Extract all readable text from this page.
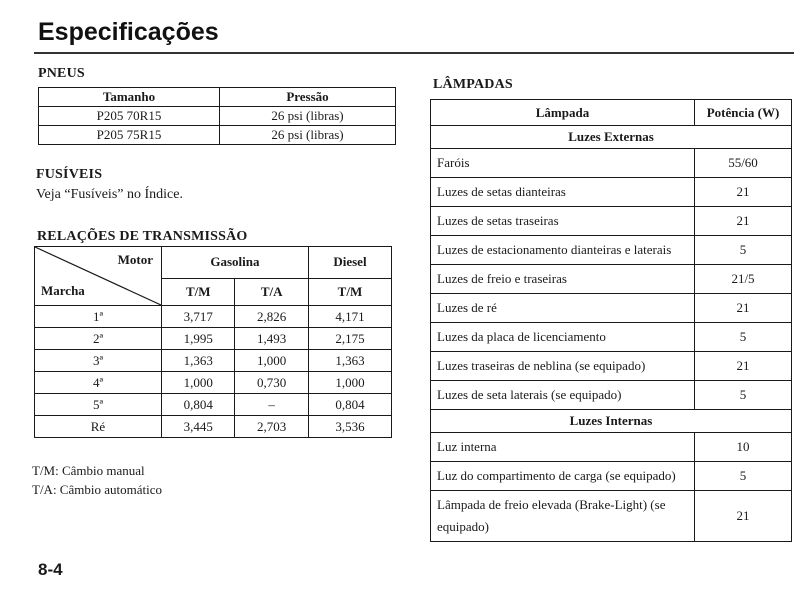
Especificações
PNEUS
Tamanho	Pressão
P205 70R15	26 psi (libras)
P205 75R15	26 psi (libras)
FUSÍVEIS
Veja “Fusíveis” no Índice.
RELAÇÕES DE TRANSMISSÃO
Motor
Marcha	Gasolina		Diesel
	T/M	T/A	T/M
1ª	3,717	2,826	4,171
2ª	1,995	1,493	2,175
3ª	1,363	1,000	1,363
4ª	1,000	0,730	1,000
5ª	0,804	–	0,804
Ré	3,445	2,703	3,536
T/M: Câmbio manual
T/A: Câmbio automático
LÂMPADAS
Lâmpada	Potência (W)
Luzes Externas	
Faróis	55/60
Luzes de setas dianteiras	21
Luzes de setas traseiras	21
Luzes de estacionamento dianteiras e laterais	5
Luzes de freio e traseiras	21/5
Luzes de ré	21
Luzes da placa de licenciamento	5
Luzes traseiras de neblina (se equipado)	21
Luzes de seta laterais (se equipado)	5
Luzes Internas	
Luz interna	10
Luz do compartimento de carga (se equipado)	5
Lâmpada de freio elevada (Brake-Light) (se equipado)	21
8-4
